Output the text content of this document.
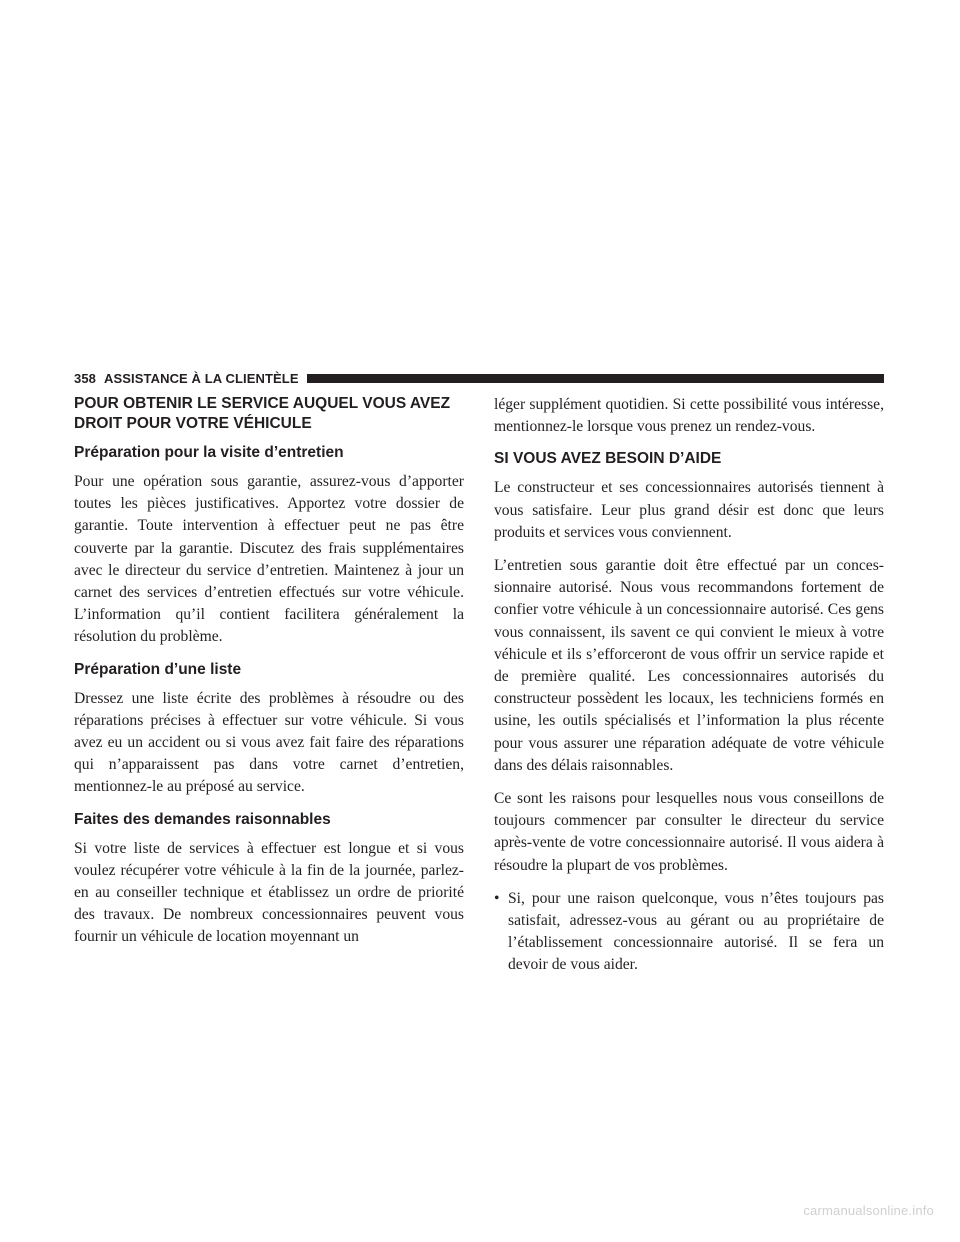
358 ASSISTANCE À LA CLIENTÈLE
POUR OBTENIR LE SERVICE AUQUEL VOUS AVEZ
DROIT POUR VOTRE VÉHICULE
Préparation pour la visite d’entretien

Pour une opération sous garantie, assurez-vous d’apporter toutes les pièces justificatives. Apportez votre dossier de garantie. Toute intervention à effectuer peut ne pas être couverte par la garantie. Discutez des frais supplémentaires avec le directeur du service d’entretien. Maintenez à jour un carnet des services d’entretien effectués sur votre véhicule. L’information qu’il contient facilitera généralement la résolution du problème.

Préparation d’une liste

Dressez une liste écrite des problèmes à résoudre ou des réparations précises à effectuer sur votre véhicule. Si vous avez eu un accident ou si vous avez fait faire des réparations qui n’apparaissent pas dans votre carnet d’entretien, mentionnez-le au préposé au service.

Faites des demandes raisonnables

Si votre liste de services à effectuer est longue et si vous voulez récupérer votre véhicule à la fin de la journée, parlez-en au conseiller technique et établissez un ordre de priorité des travaux. De nombreux concessionnaires peuvent vous fournir un véhicule de location moyennant un

léger supplément quotidien. Si cette possibilité vous intéresse, mentionnez-le lorsque vous prenez un rendez-vous.

SI VOUS AVEZ BESOIN D’AIDE

Le constructeur et ses concessionnaires autorisés tiennent à vous satisfaire. Leur plus grand désir est donc que leurs produits et services vous conviennent.

L’entretien sous garantie doit être effectué par un concessionnaire autorisé. Nous vous recommandons fortement de confier votre véhicule à un concessionnaire autorisé. Ces gens vous connaissent, ils savent ce qui convient le mieux à votre véhicule et ils s’efforceront de vous offrir un service rapide et de première qualité. Les concessionnaires autorisés du constructeur possèdent les locaux, les techniciens formés en usine, les outils spécialisés et l’information la plus récente pour vous assurer une réparation adéquate de votre véhicule dans des délais raisonnables.

Ce sont les raisons pour lesquelles nous vous conseillons de toujours commencer par consulter le directeur du service après-vente de votre concessionnaire autorisé. Il vous aidera à résoudre la plupart de vos problèmes.

• Si, pour une raison quelconque, vous n’êtes toujours pas satisfait, adressez-vous au gérant ou au propriétaire de l’établissement concessionnaire autorisé. Il se fera un devoir de vous aider.
carmanualsonline.info
